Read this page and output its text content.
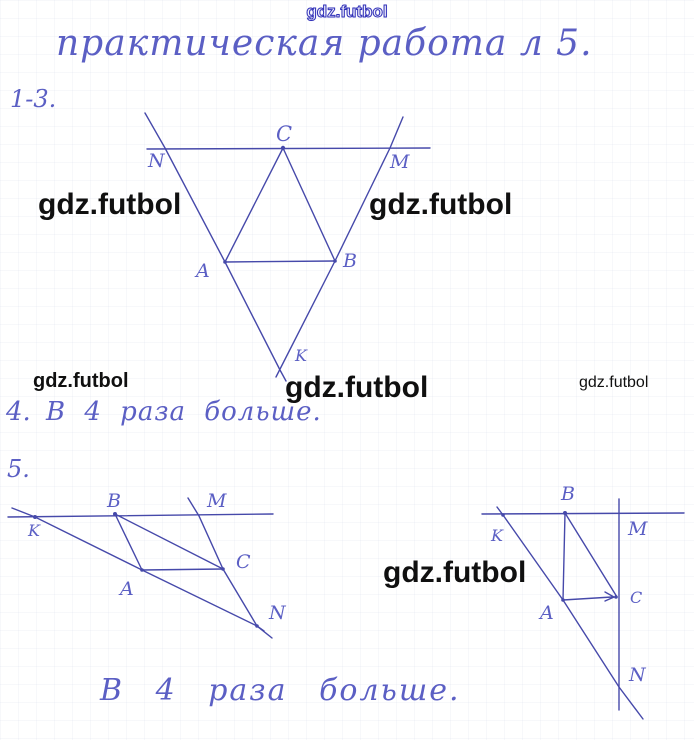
gdz.futbol
gdz.futbol	gdz.futbol
gdz.futbol	gdz.futbol	gdz.futbol
gdz.futbol
практическая работа л 5.
1-3.
4. В 4 раза больше.
5.
В 4 раза больше.
C
N	M
A	B
K
K
B	M
A
C
N
B
K	M
A
C
N
